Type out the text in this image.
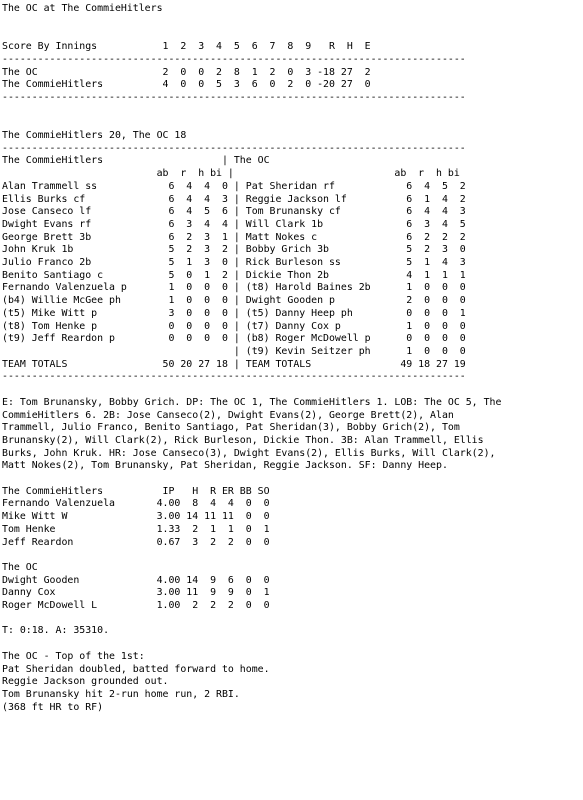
The OC at The CommieHitlers

Score By Innings           1  2  3  4  5  6  7  8  9   R  H  E
------------------------------------------------------------------------------
The OC                     2  0  0  2  8  1  2  0  3 -18 27  2
The CommieHitlers          4  0  0  5  3  6  0  2  0 -20 27  0
------------------------------------------------------------------------------

The CommieHitlers 20, The OC 18
------------------------------------------------------------------------------
The CommieHitlers                    | The OC
ab  r  h bi |                           ab  r  h bi
Alan Trammell ss            6  4  4  0 | Pat Sheridan rf            6  4  5  2
Ellis Burks cf              6  4  4  3 | Reggie Jackson lf          6  1  4  2
Jose Canseco lf             6  4  5  6 | Tom Brunansky cf           6  4  4  3
Dwight Evans rf             6  3  4  4 | Will Clark 1b              6  3  4  5
George Brett 3b             6  2  3  1 | Matt Nokes c               6  2  2  2
John Kruk 1b                5  2  3  2 | Bobby Grich 3b             5  2  3  0
Julio Franco 2b             5  1  3  0 | Rick Burleson ss           5  1  4  3
Benito Santiago c           5  0  1  2 | Dickie Thon 2b             4  1  1  1
Fernando Valenzuela p       1  0  0  0 | (t8) Harold Baines 2b      1  0  0  0
(b4) Willie McGee ph        1  0  0  0 | Dwight Gooden p            2  0  0  0
(t5) Mike Witt p            3  0  0  0 | (t5) Danny Heep ph         0  0  0  1
(t8) Tom Henke p            0  0  0  0 | (t7) Danny Cox p           1  0  0  0
(t9) Jeff Reardon p         0  0  0  0 | (b8) Roger McDowell p      0  0  0  0
| (t9) Kevin Seitzer ph      1  0  0  0
TEAM TOTALS                50 20 27 18 | TEAM TOTALS               49 18 27 19
------------------------------------------------------------------------------

E: Tom Brunansky, Bobby Grich. DP: The OC 1, The CommieHitlers 1. LOB: The OC 5, The
CommieHitlers 6. 2B: Jose Canseco(2), Dwight Evans(2), George Brett(2), Alan
Trammell, Julio Franco, Benito Santiago, Pat Sheridan(3), Bobby Grich(2), Tom
Brunansky(2), Will Clark(2), Rick Burleson, Dickie Thon. 3B: Alan Trammell, Ellis
Burks, John Kruk. HR: Jose Canseco(3), Dwight Evans(2), Ellis Burks, Will Clark(2),
Matt Nokes(2), Tom Brunansky, Pat Sheridan, Reggie Jackson. SF: Danny Heep.

The CommieHitlers          IP   H  R ER BB SO
Fernando Valenzuela       4.00  8  4  4  0  0
Mike Witt W               3.00 14 11 11  0  0
Tom Henke                 1.33  2  1  1  0  1
Jeff Reardon              0.67  3  2  2  0  0

The OC
Dwight Gooden             4.00 14  9  6  0  0
Danny Cox                 3.00 11  9  9  0  1
Roger McDowell L          1.00  2  2  2  0  0

T: 0:18. A: 35310.

The OC - Top of the 1st:
Pat Sheridan doubled, batted forward to home.
Reggie Jackson grounded out.
Tom Brunansky hit 2-run home run, 2 RBI.
(368 ft HR to RF)
